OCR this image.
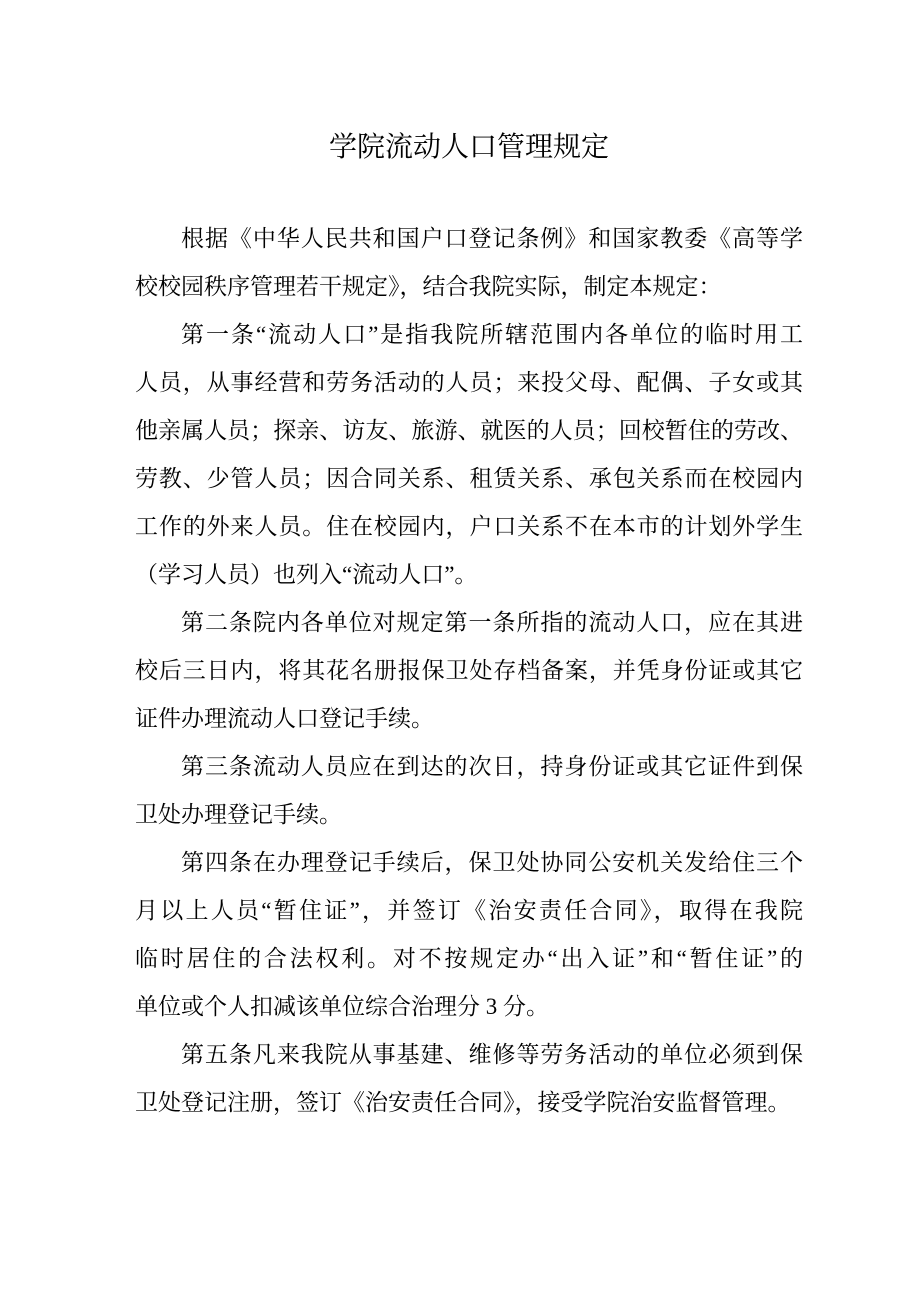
学院流动人口管理规定

根据《中华人民共和国户口登记条例》和国家教委《高等学
校校园秩序管理若干规定》，结合我院实际，制定本规定：

第一条“流动人口”是指我院所辖范围内各单位的临时用工
人员，从事经营和劳务活动的人员；来投父母、配偶、子女或其
他亲属人员；探亲、访友、旅游、就医的人员；回校暂住的劳改、
劳教、少管人员；因合同关系、租赁关系、承包关系而在校园内
工作的外来人员。住在校园内，户口关系不在本市的计划外学生
（学习人员）也列入“流动人口”。

第二条院内各单位对规定第一条所指的流动人口，应在其进
校后三日内，将其花名册报保卫处存档备案，并凭身份证或其它
证件办理流动人口登记手续。

第三条流动人员应在到达的次日，持身份证或其它证件到保
卫处办理登记手续。

第四条在办理登记手续后，保卫处协同公安机关发给住三个
月以上人员“暂住证”，并签订《治安责任合同》，取得在我院
临时居住的合法权利。对不按规定办“出入证”和“暂住证”的
单位或个人扣减该单位综合治理分 3 分。

第五条凡来我院从事基建、维修等劳务活动的单位必须到保
卫处登记注册，签订《治安责任合同》，接受学院治安监督管理。
